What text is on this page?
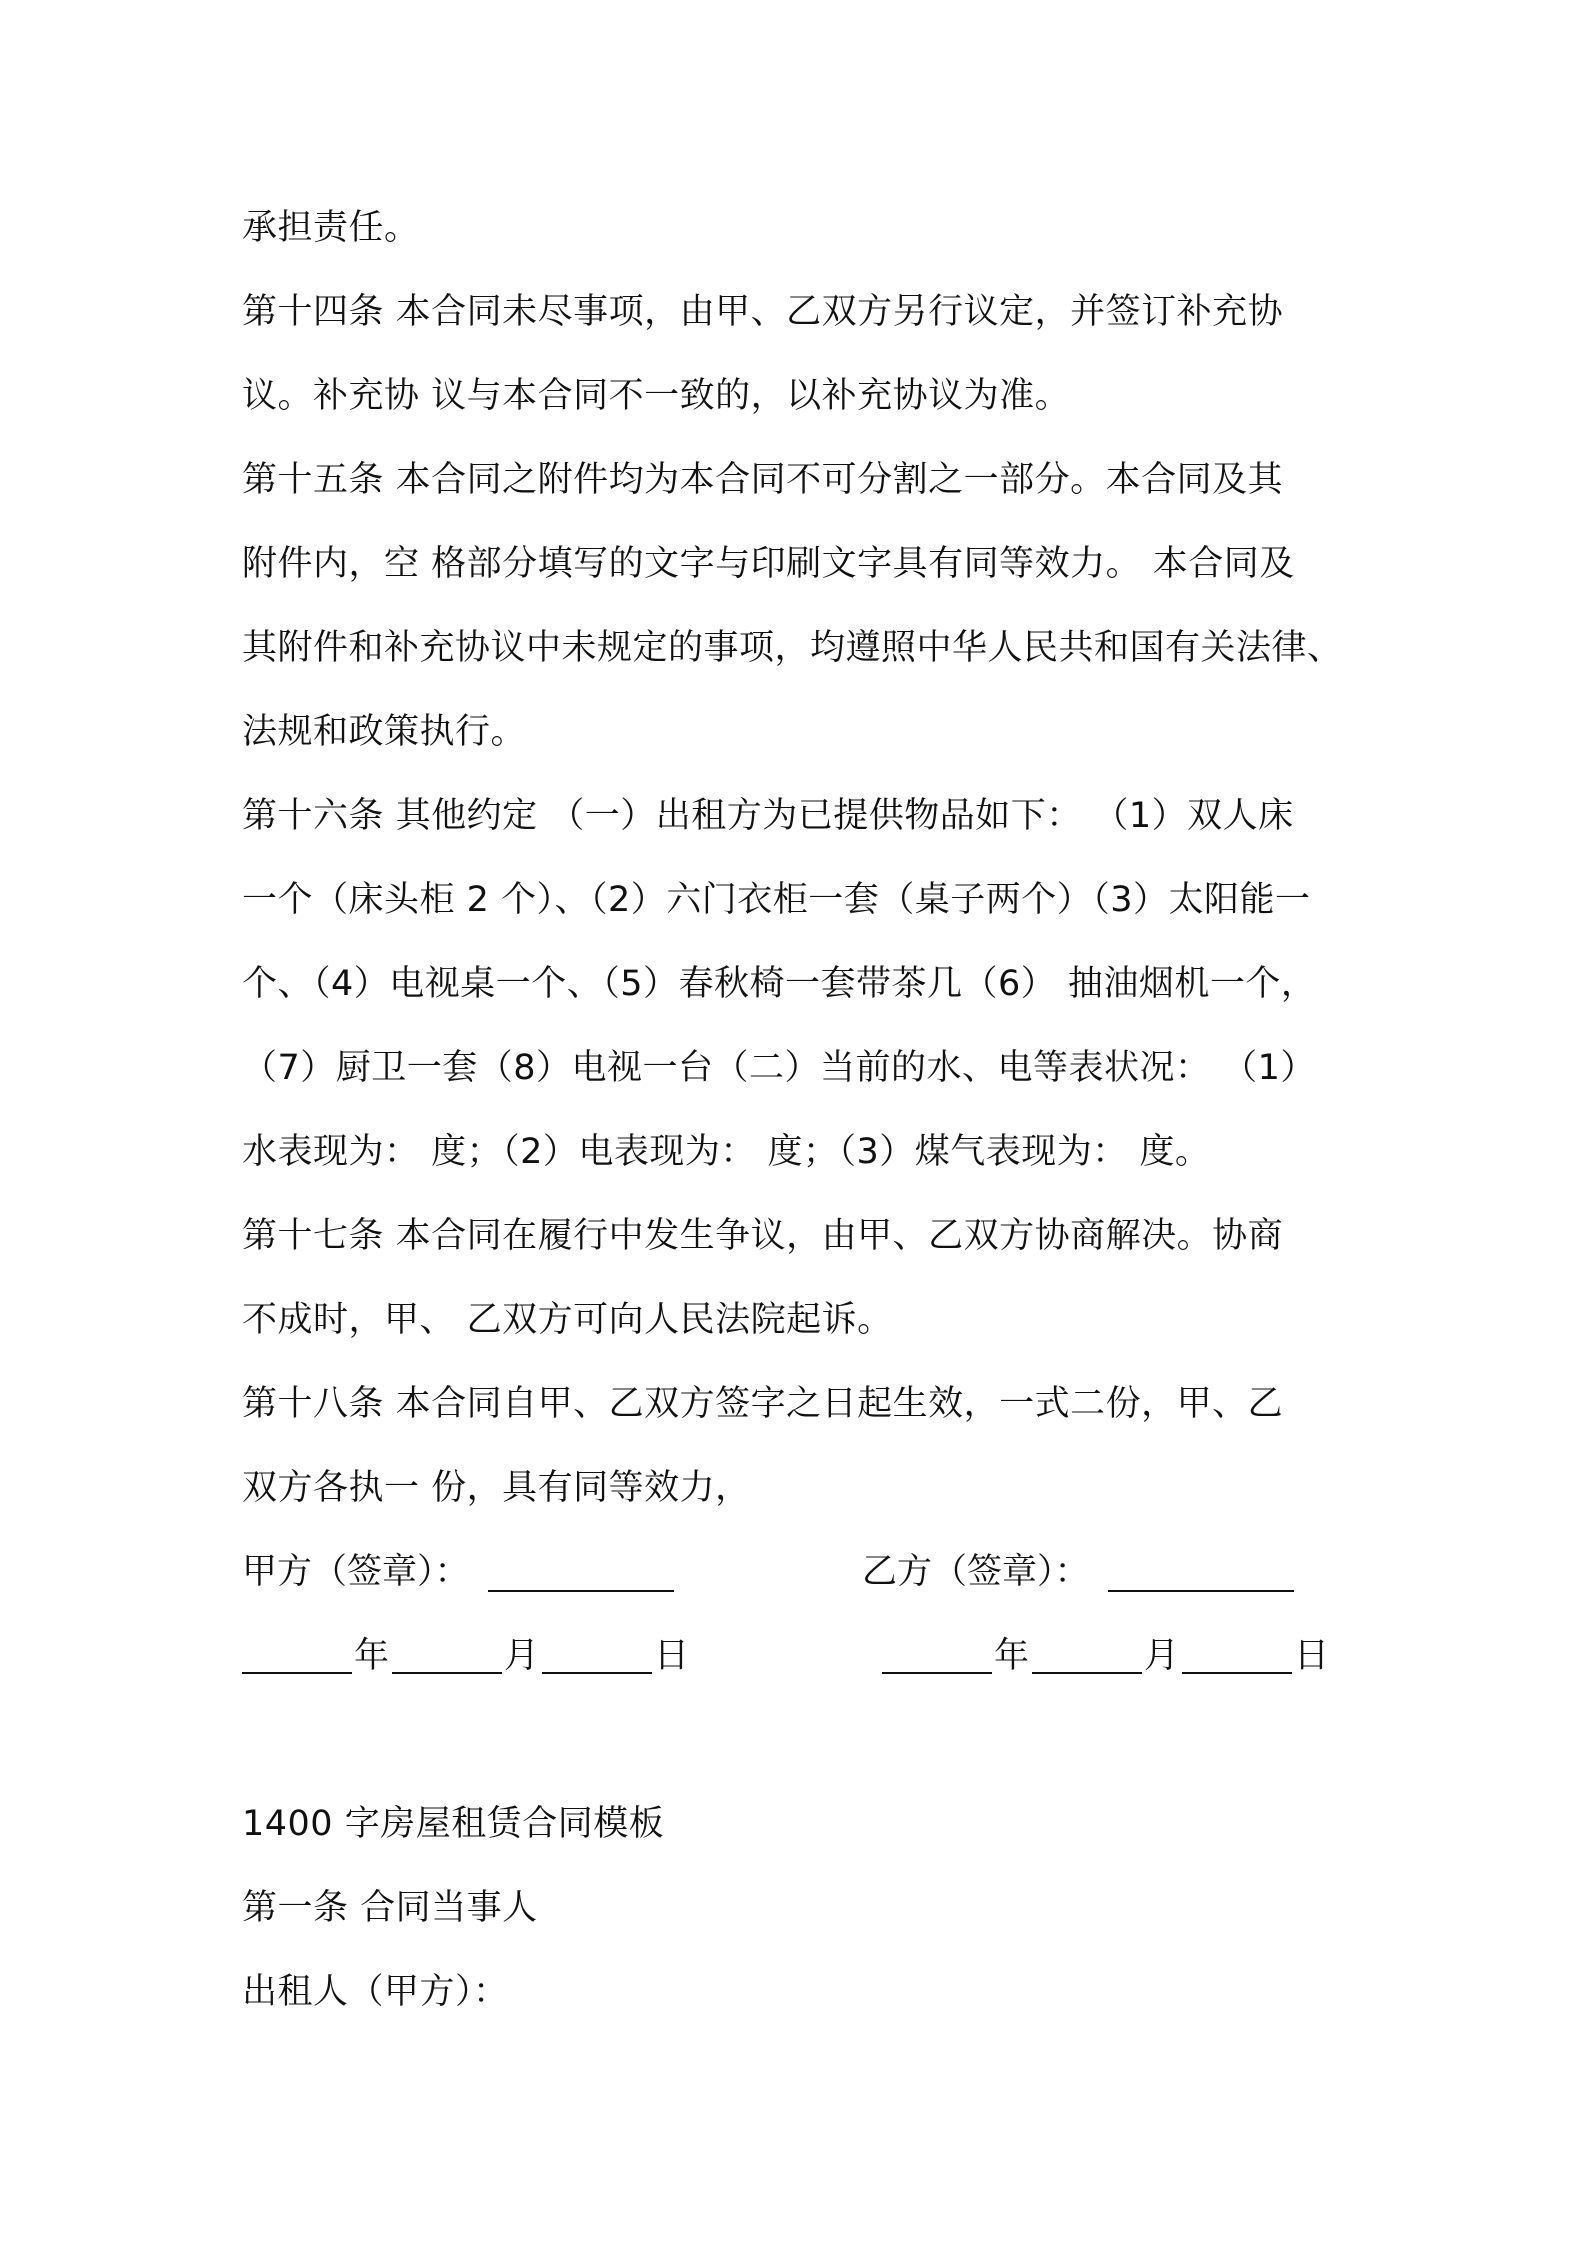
承担责任。
第十四条 本合同未尽事项，由甲、乙双方另行议定，并签订补充协
议。补充协 议与本合同不一致的，以补充协议为准。
第十五条 本合同之附件均为本合同不可分割之一部分。本合同及其
附件内，空 格部分填写的文字与印刷文字具有同等效力。 本合同及
其附件和补充协议中未规定的事项，均遵照中华人民共和国有关法律、
法规和政策执行。
第十六条 其他约定 （一）出租方为已提供物品如下： （1）双人床
一个（床头柜 2 个）、（2）六门衣柜一套（桌子两个）（3）太阳能一
个、（4）电视桌一个、（5）春秋椅一套带茶几（6） 抽油烟机一个，
（7）厨卫一套（8）电视一台（二）当前的水、电等表状况： （1）
水表现为： 度；（2）电表现为： 度；（3）煤气表现为： 度。
第十七条 本合同在履行中发生争议，由甲、乙双方协商解决。协商
不成时，甲、 乙双方可向人民法院起诉。
第十八条 本合同自甲、乙双方签字之日起生效，一式二份，甲、乙
双方各执一 份，具有同等效力，
甲方（签章）：	乙方（签章）：
年	月	日	年	月	日
1400 字房屋租赁合同模板
第一条 合同当事人
出租人（甲方）：
